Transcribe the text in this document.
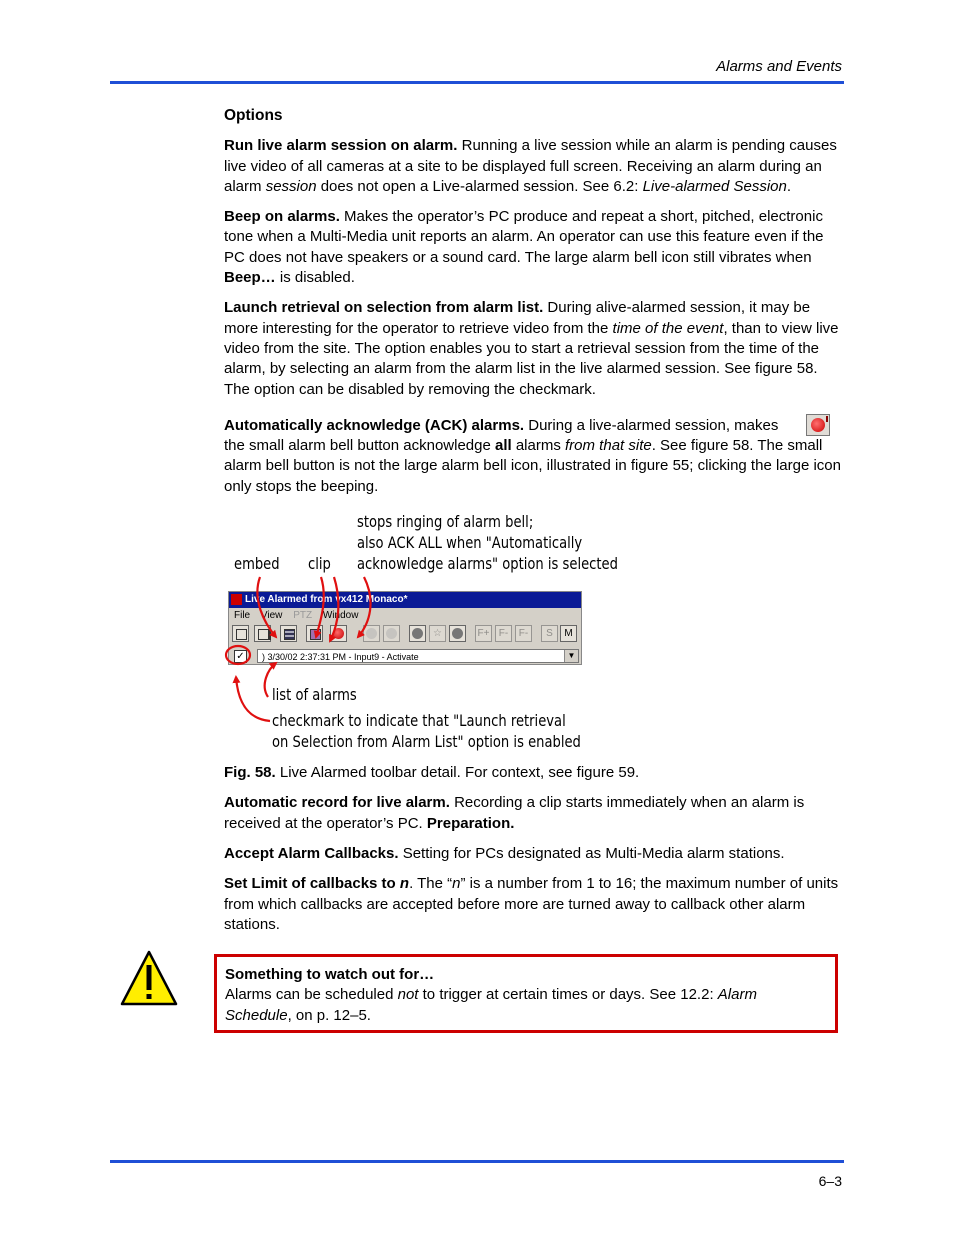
Alarms and Events
Options

Run live alarm session on alarm. Running a live session while an alarm is pending causes live video of all cameras at a site to be displayed full screen. Receiving an alarm during an alarm session does not open a Live-alarmed session. See 6.2: Live-alarmed Session.

Beep on alarms. Makes the operator’s PC produce and repeat a short, pitched, electronic tone when a Multi-Media unit reports an alarm. An operator can use this feature even if the PC does not have speakers or a sound card. The large alarm bell icon still vibrates when Beep… is disabled.

Launch retrieval on selection from alarm list. During alive-alarmed session, it may be more interesting for the operator to retrieve video from the time of the event, than to view live video from the site. The option enables you to start a retrieval session from the time of the alarm, by selecting an alarm from the alarm list in the live alarmed session. See figure 58. The option can be disabled by removing the checkmark.

Automatically acknowledge (ACK) alarms. During a live-alarmed session, makes the small alarm bell button acknowledge all alarms from that site. See figure 58. The small alarm bell button is not the large alarm bell icon, illustrated in figure 55; clicking the large icon only stops the beeping.

embed clip
stops ringing of alarm bell;
also ACK ALL when "Automatically
acknowledge alarms" option is selected
Live Alarmed from vx412 Monaco*
File View PTZ Window
☆	F+ F- F-	S	M
✓	) 3/30/02 2:37:31 PM - Input9 - Activate	▼
list of alarms
checkmark to indicate that "Launch retrieval
on Selection from Alarm List" option is enabled

Fig. 58. Live Alarmed toolbar detail. For context, see figure 59.

Automatic record for live alarm. Recording a clip starts immediately when an alarm is received at the operator’s PC. Preparation.

Accept Alarm Callbacks. Setting for PCs designated as Multi-Media alarm stations.

Set Limit of callbacks to n. The “n” is a number from 1 to 16; the maximum number of units from which callbacks are accepted before more are turned away to callback other alarm stations.

Something to watch out for…
Alarms can be scheduled not to trigger at certain times or days. See 12.2: Alarm Schedule, on p. 12–5.
6–3
